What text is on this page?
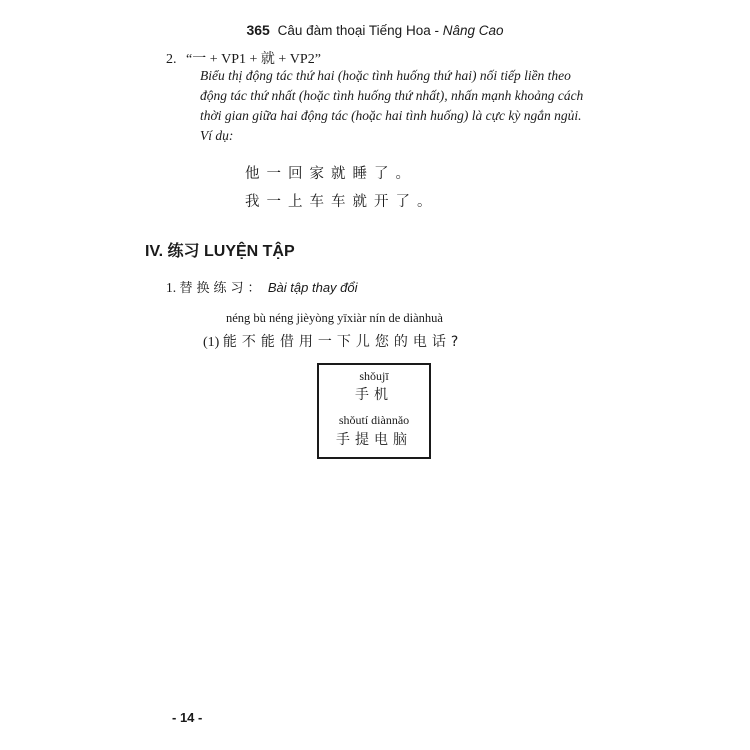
365 Câu đàm thoại Tiếng Hoa - Nâng Cao
2. “一 + VP1 + 就 + VP2”
Biểu thị động tác thứ hai (hoặc tình huống thứ hai) nối tiếp liền theo
động tác thứ nhất (hoặc tình huống thứ nhất), nhấn mạnh khoảng cách
thời gian giữa hai động tác (hoặc hai tình huống) là cực kỳ ngắn ngủi.
Ví dụ:
他一回家就睡了。
我一上车车就开了。
IV. 练习 LUYỆN TẬP
1. 替换练习： Bài tập thay đổi
néng bù néng jièyòng yīxiàr nín de diànhuà
(1) 能不能借用一下儿您的电话?
shǒujī
手机
shǒutí diànnǎo
手提电脑
- 14 -
